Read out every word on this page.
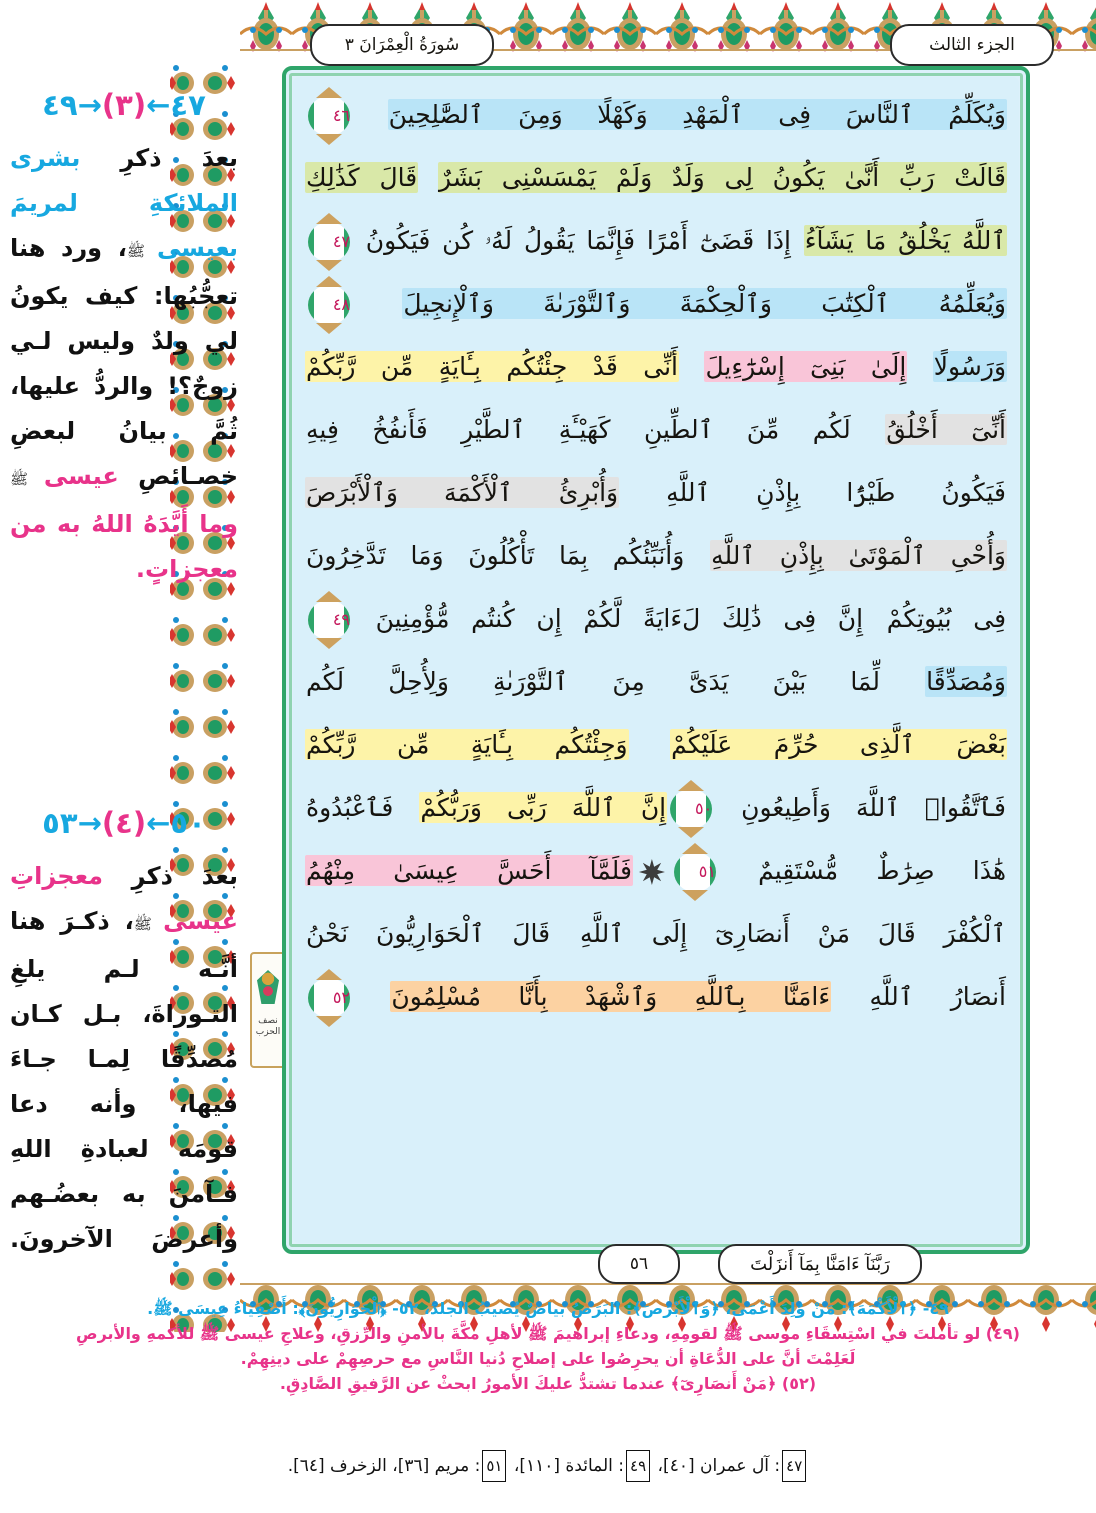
سُورَةُ الْعِمْرَانَ ٣	الجزء الثالث
٤٧←(٣)→٤٩
بعدَ ذكرِ بشرى الملائكةِ لمريمَ بعيسى ﷺ، ورد هنا تعجُّبُها: كيف يكونُ لي ولدٌ وليس لـي زوجٌ؟! والردُّ عليها، ثُمَّ بيانُ لبعضِ خصـائصِ عيسى ﷺ وما أَيَّدَهُ اللهُ به من معجزاتٍ.
٥٠←(٤)→٥٣
بعدَ ذكرِ معجزاتِ عيسى ﷺ، ذكـرَ هنا أنَّـه لـم يلغِ التـوراةَ، بـل كـان مُصدِّقًا لِمـا جـاءَ فيها، وأنه دعا قومَه لعبادةِ اللهِ فـآمنَ به بعضُـهم وأعرضَ الآخرونَ.
نصف
الحزب
وَيُكَلِّمُ ٱلنَّاسَ فِى ٱلْمَهْدِ وَكَهْلًا وَمِنَ ٱلصَّٰلِحِينَ ٤٦
قَالَتْ رَبِّ أَنَّىٰ يَكُونُ لِى وَلَدٌ وَلَمْ يَمْسَسْنِى بَشَرٌ قَالَ كَذَٰلِكِ
ٱللَّهُ يَخْلُقُ مَا يَشَآءُ إِذَا قَضَىٰٓ أَمْرًا فَإِنَّمَا يَقُولُ لَهُۥ كُن فَيَكُونُ ٤٧
وَيُعَلِّمُهُ ٱلْكِتَٰبَ وَٱلْحِكْمَةَ وَٱلتَّوْرَىٰةَ وَٱلْإِنجِيلَ ٤٨
وَرَسُولًا إِلَىٰ بَنِىٓ إِسْرَٰٓءِيلَ أَنِّى قَدْ جِئْتُكُم بِـَٔايَةٍ مِّن رَّبِّكُمْ
أَنِّىٓ أَخْلُقُ لَكُم مِّنَ ٱلطِّينِ كَهَيْـَٔةِ ٱلطَّيْرِ فَأَنفُخُ فِيهِ
فَيَكُونُ طَيْرًۢا بِإِذْنِ ٱللَّهِ وَأُبْرِئُ ٱلْأَكْمَهَ وَٱلْأَبْرَصَ
وَأُحْىِ ٱلْمَوْتَىٰ بِإِذْنِ ٱللَّهِ وَأُنَبِّئُكُم بِمَا تَأْكُلُونَ وَمَا تَدَّخِرُونَ
فِى بُيُوتِكُمْ إِنَّ فِى ذَٰلِكَ لَءَايَةً لَّكُمْ إِن كُنتُم مُّؤْمِنِينَ ٤٩
وَمُصَدِّقًا لِّمَا بَيْنَ يَدَىَّ مِنَ ٱلتَّوْرَىٰةِ وَلِأُحِلَّ لَكُم
بَعْضَ ٱلَّذِى حُرِّمَ عَلَيْكُمْ وَجِئْتُكُم بِـَٔايَةٍ مِّن رَّبِّكُمْ
فَٱتَّقُوا۟ ٱللَّهَ وَأَطِيعُونِ ٥٠إِنَّ ٱللَّهَ رَبِّى وَرَبُّكُمْ فَٱعْبُدُوهُ
هَٰذَا صِرَٰطٌ مُّسْتَقِيمٌ ٥١فَلَمَّآ أَحَسَّ عِيسَىٰ مِنْهُمُ
ٱلْكُفْرَ قَالَ مَنْ أَنصَارِىٓ إِلَى ٱللَّهِ قَالَ ٱلْحَوَارِيُّونَ نَحْنُ
أَنصَارُ ٱللَّهِ ءَامَنَّا بِٱللَّهِ وَٱشْهَدْ بِأَنَّا مُسْلِمُونَ ٥٢
٥٦	رَبَّنَآ ءَامَنَّا بِمَآ أَنزَلْتَ
٤٩- ﴿ٱلْأَكْمَهَ﴾: مَنْ وُلِدَ أَعْمَى، ﴿وَٱلْأَبْرَصَ﴾: البَرَصُ بياضٌ يُصيبُ الجلدَ، ٥٢- ﴿ٱلْحَوَارِيُّونَ﴾: أَصْفِيَاءُ عِيسَى ﷺ.
(٤٩) لو تأملتَ في اسْتِسقَاءِ موسى ﷺ لقومِهِ، ودعاءِ إبراهيمَ ﷺ لأهلِ مكَّةَ بالأمنِ والرِّزقِ، وعلاجِ عيسى ﷺ للأكمهِ والأبرصِ
لَعَلِمْتَ أنَّ على الدُّعَاةِ أن يحرِصُوا على إصلاحِ دُنيا النَّاسِ مع حرصِهِمْ على دينِهِمْ.
(٥٢) ﴿مَنْ أَنصَارِىٓ﴾ عندما تشتدُّ عليكَ الأمورُ ابحثْ عن الرَّفيقِ الصَّادِقِ.
٤٧: آل عمران [٤٠]، ٤٩: المائدة [١١٠]، ٥١: مريم [٣٦]، الزخرف [٦٤].
